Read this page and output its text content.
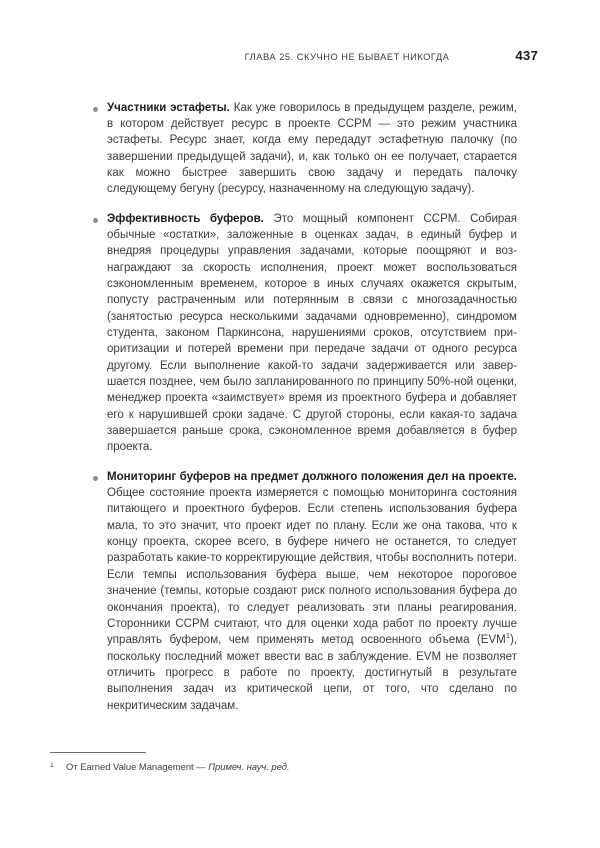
ГЛАВА 25. СКУЧНО НЕ БЫВАЕТ НИКОГДА	437

Участники эстафеты. Как уже говорилось в предыдущем разделе, режим, в котором действует ресурс в проекте CCPM — это режим участника эстафеты. Ресурс знает, когда ему передадут эстафетную палочку (по завершении предыдущей задачи), и, как только он ее получает, старается как можно быстрее завершить свою задачу и передать палочку следующему бегуну (ресурсу, назначенному на следующую задачу).

Эффективность буферов. Это мощный компонент CCPM. Собирая обычные «остатки», заложенные в оценках задач, в единый буфер и внедряя процедуры управления задачами, которые поощряют и вознаграждают за скорость исполнения, проект может воспользоваться сэкономленным временем, которое в иных случаях окажется скрытым, попусту растраченным или потерянным в связи с многозадачностью (занятостью ресурса несколькими задачами одновременно), синдромом студента, законом Паркинсона, нарушениями сроков, отсутствием приоритизации и потерей времени при передаче задачи от одного ресурса другому. Если выполнение какой-то задачи задерживается или завершается позднее, чем было запланированного по принципу 50%-ной оценки, менеджер проекта «заимствует» время из проектного буфера и добавляет его к нарушившей сроки задаче. С другой стороны, если какая-то задача завершается раньше срока, сэкономленное время добавляется в буфер проекта.

Мониторинг буферов на предмет должного положения дел на проекте. Общее состояние проекта измеряется с помощью мониторинга состояния питающего и проектного буферов. Если степень использования буфера мала, то это значит, что проект идет по плану. Если же она такова, что к концу проекта, скорее всего, в буфере ничего не останется, то следует разработать какие-то корректирующие действия, чтобы восполнить потери. Если темпы использования буфера выше, чем некоторое пороговое значение (темпы, которые создают риск полного использования буфера до окончания проекта), то следует реализовать эти планы реагирования. Сторонники CCPM считают, что для оценки хода работ по проекту лучше управлять буфером, чем применять метод освоенного объема (EVM$^1$), поскольку последний может ввести вас в заблуждение. EVM не позволяет отличить прогресс в работе по проекту, достигнутый в результате выполнения задач из критической цепи, от того, что сделано по некритическим задачам.

1	От Earned Value Management — Примеч. науч. ред.
